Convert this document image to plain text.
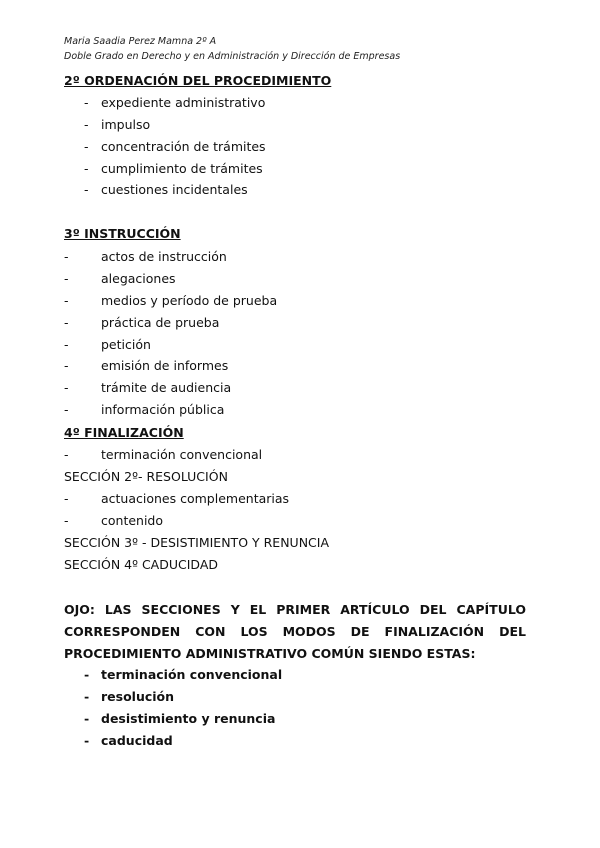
Maria Saadia Perez Mamna 2º A
Doble Grado en Derecho y en Administración y Dirección de Empresas
2º ORDENACIÓN DEL PROCEDIMIENTO
- expediente administrativo
- impulso
- concentración de trámites
- cumplimiento de trámites
- cuestiones incidentales
3º INSTRUCCIÓN
-	actos de instrucción
-	alegaciones
-	medios y período de prueba
-	práctica de prueba
-	petición
-	emisión de informes
-	trámite de audiencia
-	información pública
4º FINALIZACIÓN
-	terminación convencional
SECCIÓN 2º- RESOLUCIÓN
-	actuaciones complementarias
-	contenido
SECCIÓN 3º - DESISTIMIENTO Y RENUNCIA
SECCIÓN 4º CADUCIDAD
OJO: LAS SECCIONES Y EL PRIMER ARTÍCULO DEL CAPÍTULO CORRESPONDEN CON LOS MODOS DE FINALIZACIÓN DEL PROCEDIMIENTO ADMINISTRATIVO COMÚN SIENDO ESTAS:
- terminación convencional
- resolución
- desistimiento y renuncia
- caducidad
